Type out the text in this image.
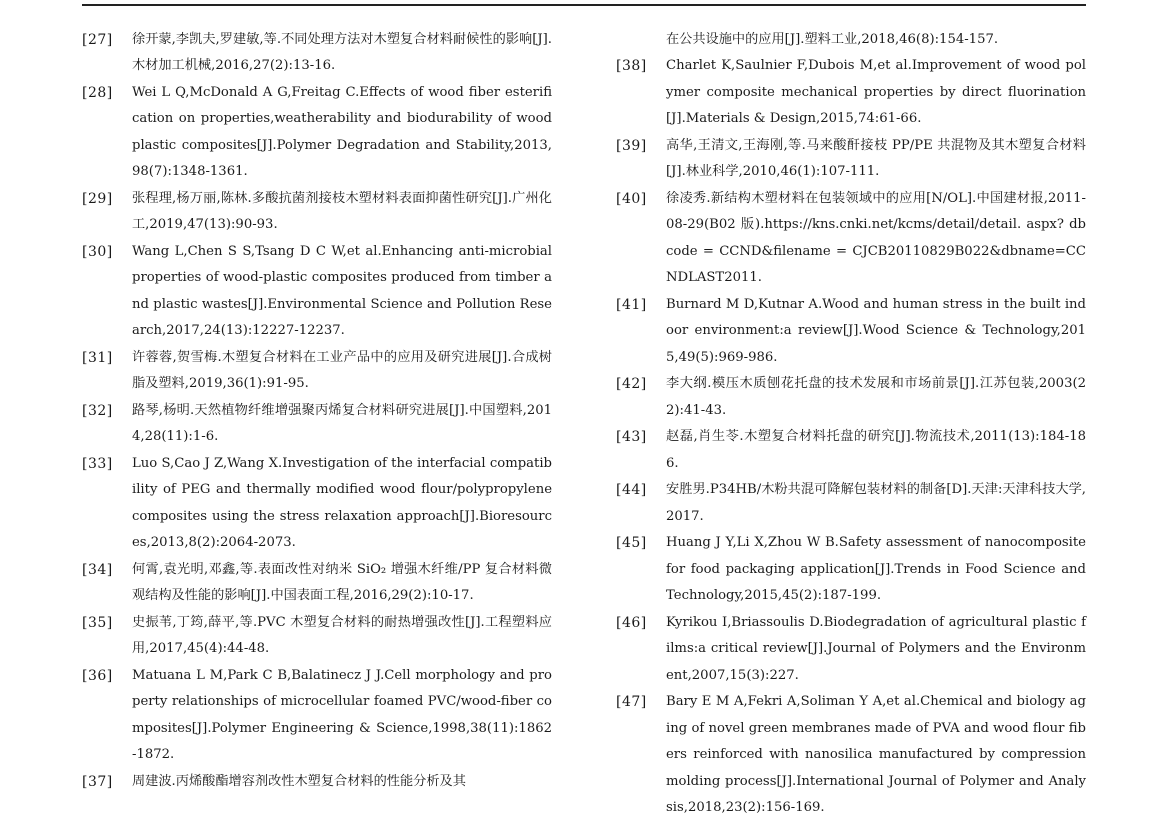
[27]	徐开蒙,李凯夫,罗建敏,等.不同处理方法对木塑复合材料耐候性的影响[J].木材加工机械,2016,27(2):13-16.
[28]	Wei L Q,McDonald A G,Freitag C.Effects of wood fiber esterification on properties,weatherability and biodurability of wood plastic composites[J].Polymer Degradation and Stability,2013,98(7):1348-1361.
[29]	张程理,杨万丽,陈林.多酸抗菌剂接枝木塑材料表面抑菌性研究[J].广州化工,2019,47(13):90-93.
[30]	Wang L,Chen S S,Tsang D C W,et al.Enhancing anti-microbial properties of wood-plastic composites produced from timber and plastic wastes[J].Environmental Science and Pollution Research,2017,24(13):12227-12237.
[31]	许蓉蓉,贺雪梅.木塑复合材料在工业产品中的应用及研究进展[J].合成树脂及塑料,2019,36(1):91-95.
[32]	路琴,杨明.天然植物纤维增强聚丙烯复合材料研究进展[J].中国塑料,2014,28(11):1-6.
[33]	Luo S,Cao J Z,Wang X.Investigation of the interfacial compatibility of PEG and thermally modified wood flour/polypropylene composites using the stress relaxation approach[J].Bioresources,2013,8(2):2064-2073.
[34]	何霄,袁光明,邓鑫,等.表面改性对纳米 SiO₂ 增强木纤维/PP 复合材料微观结构及性能的影响[J].中国表面工程,2016,29(2):10-17.
[35]	史振苇,丁筠,薛平,等.PVC 木塑复合材料的耐热增强改性[J].工程塑料应用,2017,45(4):44-48.
[36]	Matuana L M,Park C B,Balatinecz J J.Cell morphology and property relationships of microcellular foamed PVC/wood-fiber composites[J].Polymer Engineering & Science,1998,38(11):1862-1872.
[37]	周建波.丙烯酸酯增容剂改性木塑复合材料的性能分析及其
在公共设施中的应用[J].塑料工业,2018,46(8):154-157.
[38]	Charlet K,Saulnier F,Dubois M,et al.Improvement of wood polymer composite mechanical properties by direct fluorination[J].Materials & Design,2015,74:61-66.
[39]	高华,王清文,王海刚,等.马来酸酐接枝 PP/PE 共混物及其木塑复合材料[J].林业科学,2010,46(1):107-111.
[40]	徐凌秀.新结构木塑材料在包装领域中的应用[N/OL].中国建材报,2011-08-29(B02 版).https://kns.cnki.net/kcms/detail/detail. aspx? dbcode = CCND&filename = CJCB20110829B022&dbname=CCNDLAST2011.
[41]	Burnard M D,Kutnar A.Wood and human stress in the built indoor environment:a review[J].Wood Science & Technology,2015,49(5):969-986.
[42]	李大纲.模压木质刨花托盘的技术发展和市场前景[J].江苏包装,2003(22):41-43.
[43]	赵磊,肖生苓.木塑复合材料托盘的研究[J].物流技术,2011(13):184-186.
[44]	安胜男.P34HB/木粉共混可降解包装材料的制备[D].天津:天津科技大学,2017.
[45]	Huang J Y,Li X,Zhou W B.Safety assessment of nanocomposite for food packaging application[J].Trends in Food Science and Technology,2015,45(2):187-199.
[46]	Kyrikou I,Briassoulis D.Biodegradation of agricultural plastic films:a critical review[J].Journal of Polymers and the Environment,2007,15(3):227.
[47]	Bary E M A,Fekri A,Soliman Y A,et al.Chemical and biology aging of novel green membranes made of PVA and wood flour fibers reinforced with nanosilica manufactured by compression molding process[J].International Journal of Polymer and Analysis,2018,23(2):156-169.
